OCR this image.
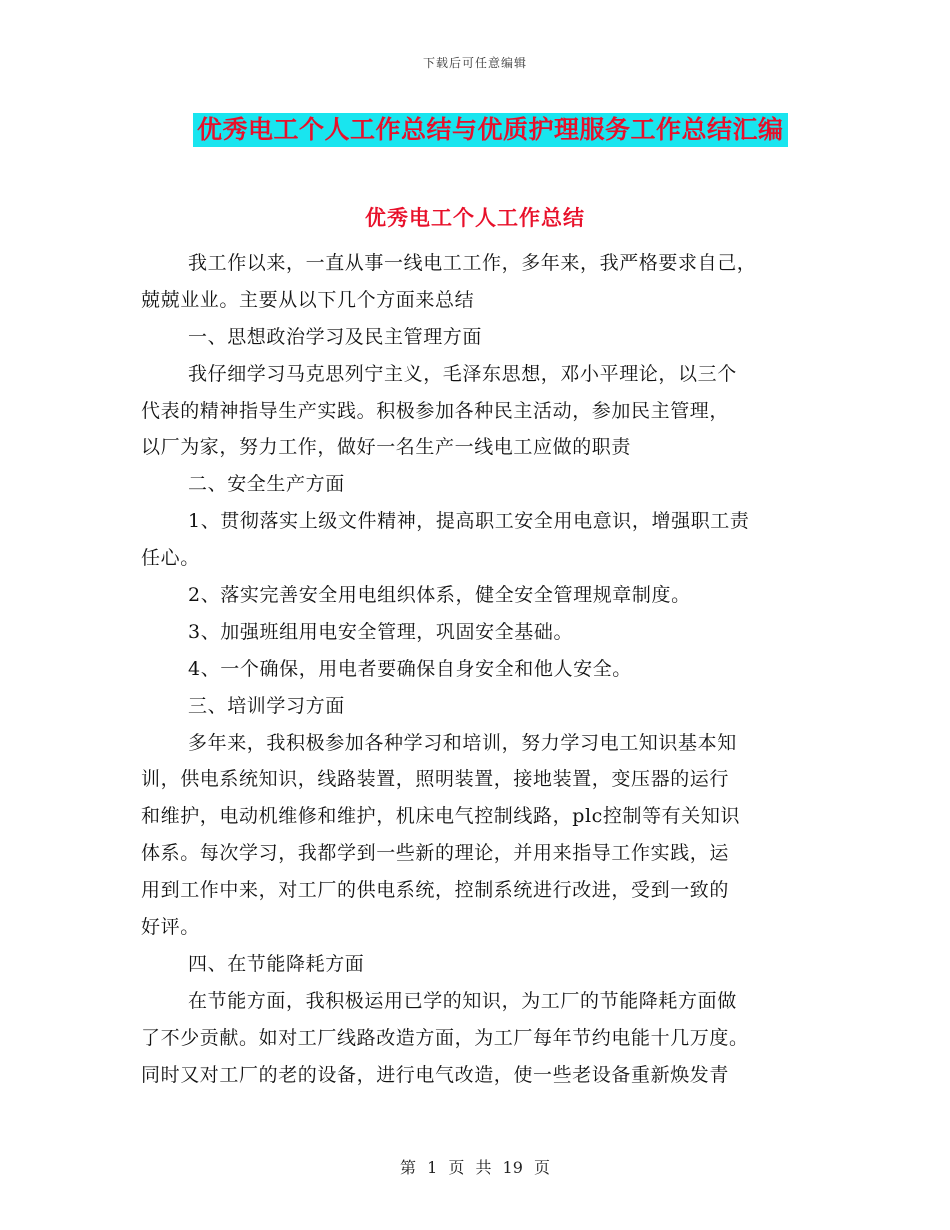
下载后可任意编辑
优秀电工个人工作总结与优质护理服务工作总结汇编
优秀电工个人工作总结
我工作以来，一直从事一线电工工作，多年来，我严格要求自己，
兢兢业业。主要从以下几个方面来总结
一、思想政治学习及民主管理方面
我仔细学习马克思列宁主义，毛泽东思想，邓小平理论，以三个
代表的精神指导生产实践。积极参加各种民主活动，参加民主管理，
以厂为家，努力工作，做好一名生产一线电工应做的职责
二、安全生产方面
1、贯彻落实上级文件精神，提高职工安全用电意识，增强职工责
任心。
2、落实完善安全用电组织体系，健全安全管理规章制度。
3、加强班组用电安全管理，巩固安全基础。
4、一个确保，用电者要确保自身安全和他人安全。
三、培训学习方面
多年来，我积极参加各种学习和培训，努力学习电工知识基本知
训，供电系统知识，线路装置，照明装置，接地装置，变压器的运行
和维护，电动机维修和维护，机床电气控制线路，plc控制等有关知识
体系。每次学习，我都学到一些新的理论，并用来指导工作实践，运
用到工作中来，对工厂的供电系统，控制系统进行改进，受到一致的
好评。
四、在节能降耗方面
在节能方面，我积极运用已学的知识，为工厂的节能降耗方面做
了不少贡献。如对工厂线路改造方面，为工厂每年节约电能十几万度。
同时又对工厂的老的设备，进行电气改造，使一些老设备重新焕发青
第 1 页 共 19 页
